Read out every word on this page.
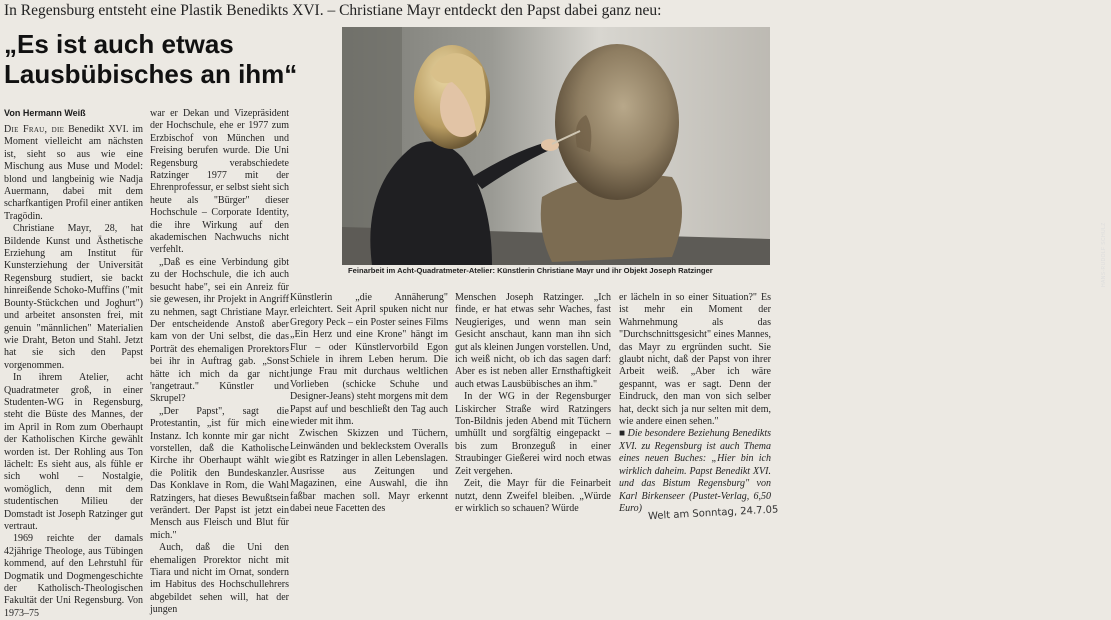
In Regensburg entsteht eine Plastik Benedikts XVI. – Christiane Mayr entdeckt den Papst dabei ganz neu:
„Es ist auch etwas Lausbübisches an ihm“
Von Hermann Weiß

Die Frau, die Benedikt XVI. im Moment vielleicht am nächsten ist, sieht so aus wie eine Mischung aus Muse und Model: blond und langbeinig wie Nadja Auermann, dabei mit dem scharfkantigen Profil einer antiken Tragödin.

Christiane Mayr, 28, hat Bildende Kunst und Ästhetische Erziehung am Institut für Kunsterziehung der Universität Regensburg studiert, sie backt hinreißende Schoko-Muffins ("mit Bounty-Stückchen und Joghurt") und arbeitet ansonsten frei, mit genuin "männlichen" Materialien wie Draht, Beton und Stahl. Jetzt hat sie sich den Papst vorgenommen.

In ihrem Atelier, acht Quadratmeter groß, in einer Studenten-WG in Regensburg, steht die Büste des Mannes, der im April in Rom zum Oberhaupt der Katholischen Kirche gewählt worden ist. Der Rohling aus Ton lächelt: Es sieht aus, als fühle er sich wohl – Nostalgie, womöglich, denn mit dem studentischen Milieu der Domstadt ist Joseph Ratzinger gut vertraut.

1969 reichte der damals 42jährige Theologe, aus Tübingen kommend, auf den Lehrstuhl für Dogmatik und Dogmengeschichte der Katholisch-Theologischen Fakultät der Uni Regensburg. Von 1973–75

war er Dekan und Vizepräsident der Hochschule, ehe er 1977 zum Erzbischof von München und Freising berufen wurde. Die Uni Regensburg verabschiedete Ratzinger 1977 mit der Ehrenprofessur, er selbst sieht sich heute als "Bürger" dieser Hochschule – Corporate Identity, die ihre Wirkung auf den akademischen Nachwuchs nicht verfehlt.

„Daß es eine Verbindung gibt zu der Hochschule, die ich auch besucht habe", sei ein Anreiz für sie gewesen, ihr Projekt in Angriff zu nehmen, sagt Christiane Mayr. Der entscheidende Anstoß aber kam von der Uni selbst, die das Porträt des ehemaligen Prorektors bei ihr in Auftrag gab. „Sonst hätte ich mich da gar nicht 'rangetraut." Künstler und Skrupel?

„Der Papst", sagt die Protestantin, „ist für mich eine Instanz. Ich konnte mir gar nicht vorstellen, daß die Katholische Kirche ihr Oberhaupt wählt wie die Politik den Bundeskanzler. Das Konklave in Rom, die Wahl Ratzingers, hat dieses Bewußtsein verändert. Der Papst ist jetzt ein Mensch aus Fleisch und Blut für mich."

Auch, daß die Uni den ehemaligen Prorektor nicht mit Tiara und nicht im Ornat, sondern im Habitus des Hochschullehrers abgebildet sehen will, hat der jungen

HANS-RUDOLF SCHULZ
Feinarbeit im Acht-Quadratmeter-Atelier: Künstlerin Christiane Mayr und ihr Objekt Joseph Ratzinger

Künstlerin „die Annäherung" erleichtert. Seit April spuken nicht nur Gregory Peck – ein Poster seines Films „Ein Herz und eine Krone" hängt im Flur – oder Künstlervorbild Egon Schiele in ihrem Leben herum. Die junge Frau mit durchaus weltlichen Vorlieben (schicke Schuhe und Designer-Jeans) steht morgens mit dem Papst auf und beschließt den Tag auch wieder mit ihm.

Zwischen Skizzen und Tüchern, Leinwänden und bekleckstem Overalls gibt es Ratzinger in allen Lebenslagen. Ausrisse aus Zeitungen und Magazinen, eine Auswahl, die ihn faßbar machen soll. Mayr erkennt dabei neue Facetten des

Menschen Joseph Ratzinger. „Ich finde, er hat etwas sehr Waches, fast Neugieriges, und wenn man sein Gesicht anschaut, kann man ihn sich gut als kleinen Jungen vorstellen. Und, ich weiß nicht, ob ich das sagen darf: Aber es ist neben aller Ernsthaftigkeit auch etwas Lausbübisches an ihm."

In der WG in der Regensburger Liskircher Straße wird Ratzingers Ton-Bildnis jeden Abend mit Tüchern umhüllt und sorgfältig eingepackt – bis zum Bronzeguß in einer Straubinger Gießerei wird noch etwas Zeit vergehen.

Zeit, die Mayr für die Feinarbeit nutzt, denn Zweifel bleiben. „Würde er wirklich so schauen? Würde

er lächeln in so einer Situation?" Es ist mehr ein Moment der Wahrnehmung als das "Durchschnittsgesicht" eines Mannes, das Mayr zu ergründen sucht. Sie glaubt nicht, daß der Papst von ihrer Arbeit weiß. „Aber ich wäre gespannt, was er sagt. Denn der Eindruck, den man von sich selber hat, deckt sich ja nur selten mit dem, wie andere einen sehen."

■ Die besondere Beziehung Benedikts XVI. zu Regensburg ist auch Thema eines neuen Buches: „Hier bin ich wirklich daheim. Papst Benedikt XVI. und das Bistum Regensburg" von Karl Birkenseer (Pustet-Verlag, 6,50 Euro) Welt am Sonntag, 24.7.05
